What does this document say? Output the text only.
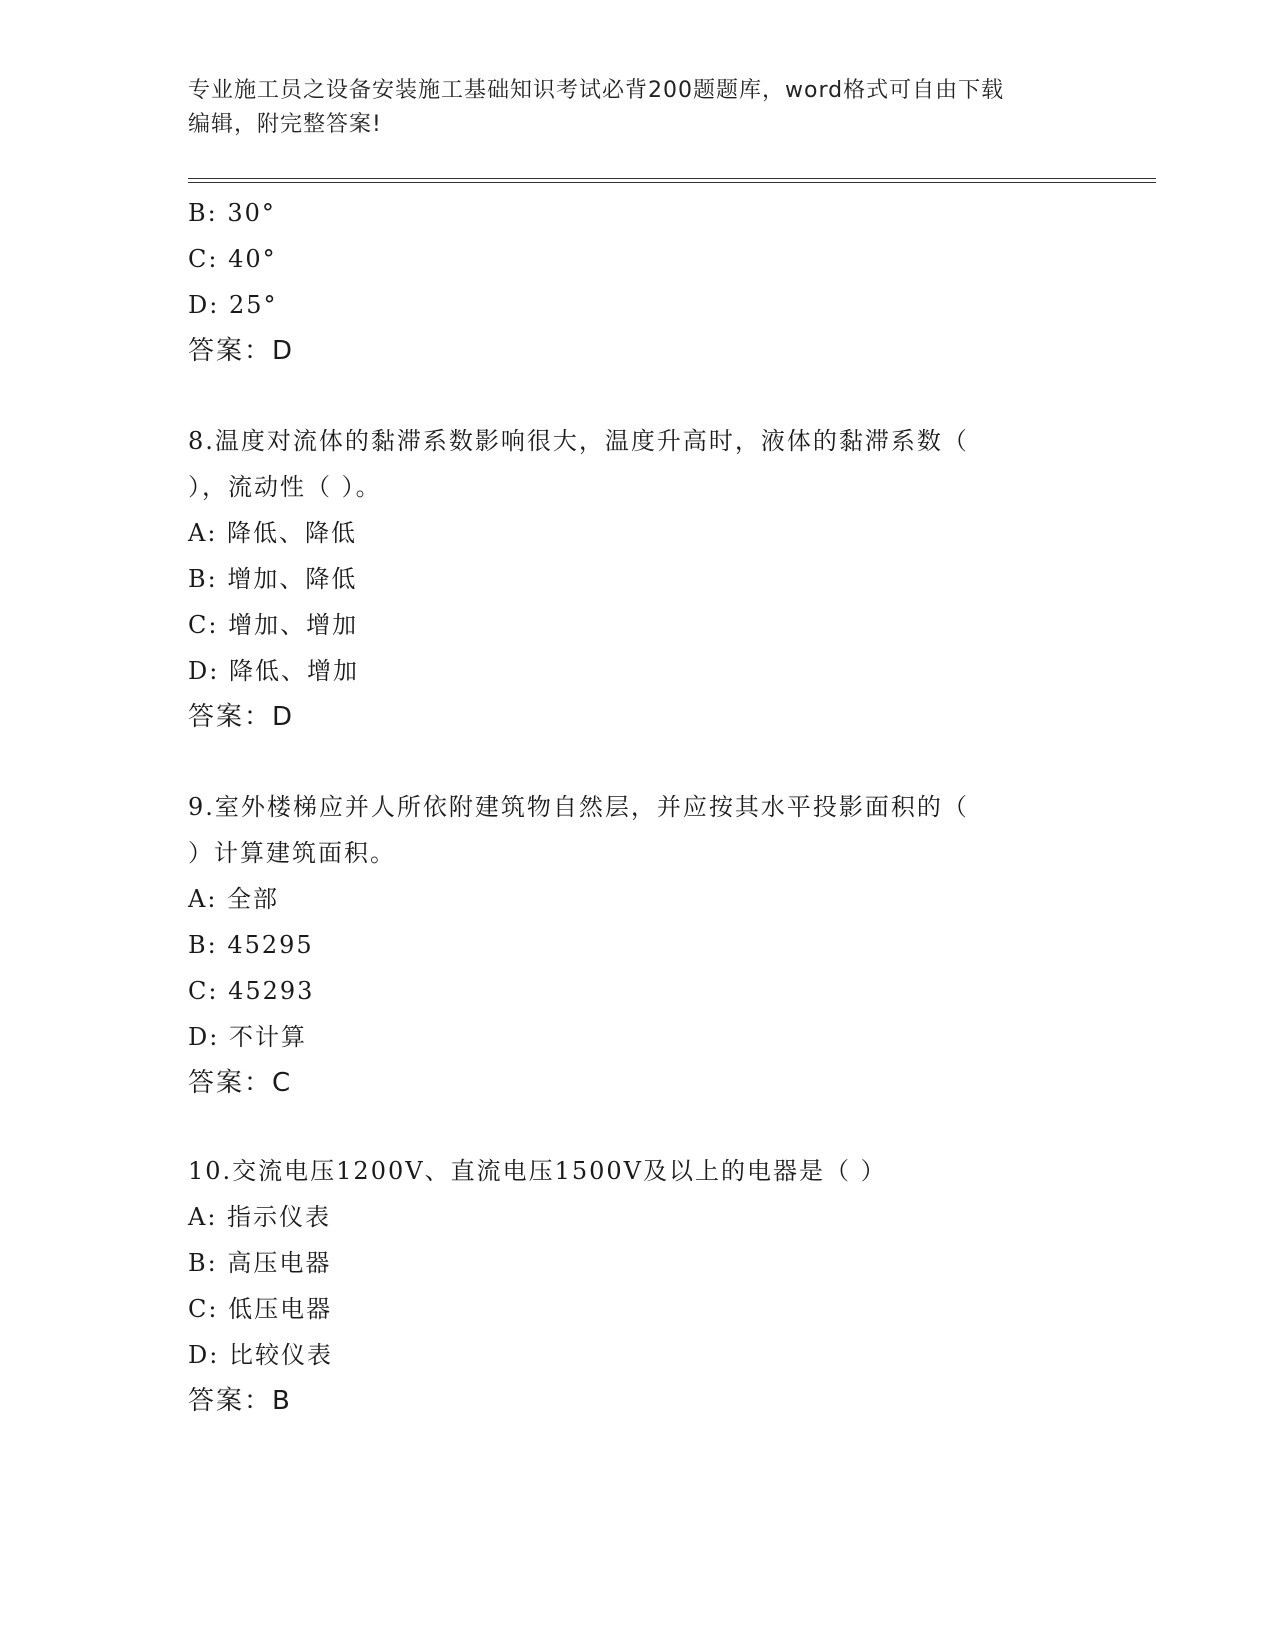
专业施工员之设备安装施工基础知识考试必背200题题库，word格式可自由下载
编辑，附完整答案!
B: 30°
C: 40°
D: 25°
答案：D
8.温度对流体的黏滞系数影响很大，温度升高时，液体的黏滞系数（
），流动性（ ）。
A: 降低、降低
B: 增加、降低
C: 增加、增加
D: 降低、增加
答案：D
9.室外楼梯应并人所依附建筑物自然层，并应按其水平投影面积的（
）计算建筑面积。
A: 全部
B: 45295
C: 45293
D: 不计算
答案：C
10.交流电压1200V、直流电压1500V及以上的电器是（ ）
A: 指示仪表
B: 高压电器
C: 低压电器
D: 比较仪表
答案：B
